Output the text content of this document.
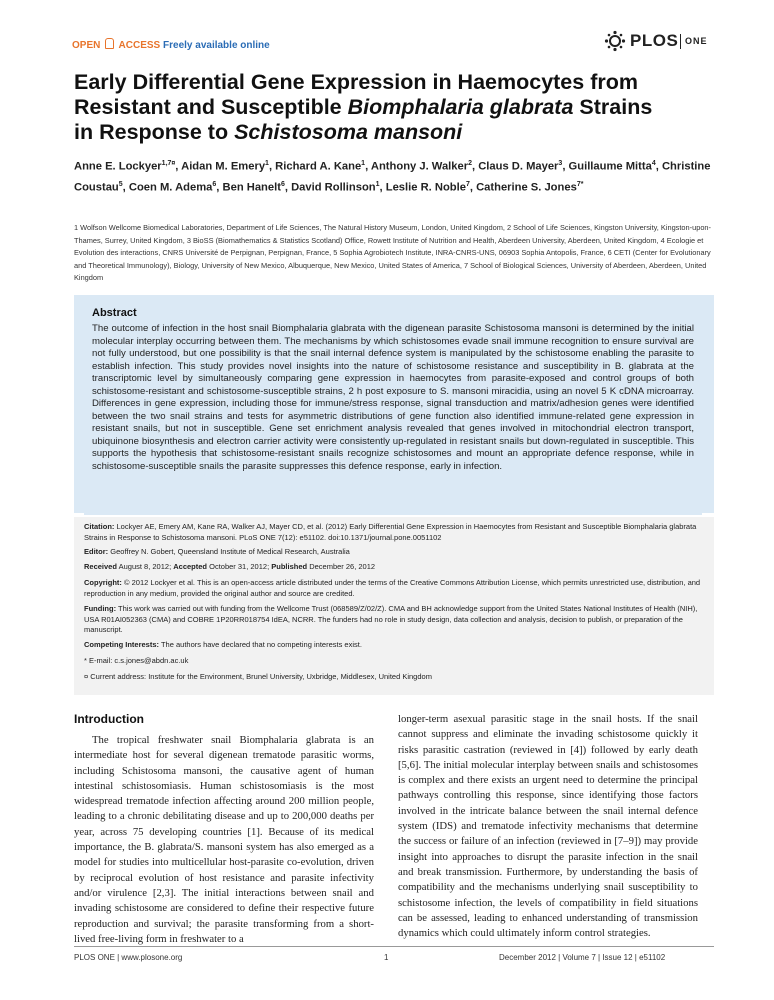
OPEN ACCESS Freely available online	PLOS ONE
Early Differential Gene Expression in Haemocytes from
Resistant and Susceptible Biomphalaria glabrata Strains
in Response to Schistosoma mansoni
Anne E. Lockyer$^{1,7¤}$, Aidan M. Emery$^1$, Richard A. Kane$^1$, Anthony J. Walker$^2$, Claus D. Mayer$^3$, Guillaume Mitta$^4$, Christine Coustau$^5$, Coen M. Adema$^6$, Ben Hanelt$^6$, David Rollinson$^1$, Leslie R. Noble$^7$, Catherine S. Jones$^{7*}$
1 Wolfson Wellcome Biomedical Laboratories, Department of Life Sciences, The Natural History Museum, London, United Kingdom, 2 School of Life Sciences, Kingston University, Kingston-upon-Thames, Surrey, United Kingdom, 3 BioSS (Biomathematics & Statistics Scotland) Office, Rowett Institute of Nutrition and Health, Aberdeen University, Aberdeen, United Kingdom, 4 Ecologie et Evolution des interactions, CNRS Université de Perpignan, Perpignan, France, 5 Sophia Agrobiotech Institute, INRA-CNRS-UNS, 06903 Sophia Antopolis, France, 6 CETI (Center for Evolutionary and Theoretical Immunology), Biology, University of New Mexico, Albuquerque, New Mexico, United States of America, 7 School of Biological Sciences, University of Aberdeen, Aberdeen, United Kingdom
Abstract

The outcome of infection in the host snail Biomphalaria glabrata with the digenean parasite Schistosoma mansoni is determined by the initial molecular interplay occurring between them. The mechanisms by which schistosomes evade snail immune recognition to ensure survival are not fully understood, but one possibility is that the snail internal defence system is manipulated by the schistosome enabling the parasite to establish infection. This study provides novel insights into the nature of schistosome resistance and susceptibility in B. glabrata at the transcriptomic level by simultaneously comparing gene expression in haemocytes from parasite-exposed and control groups of both schistosome-resistant and schistosome-susceptible strains, 2 h post exposure to S. mansoni miracidia, using an novel 5 K cDNA microarray. Differences in gene expression, including those for immune/stress response, signal transduction and matrix/adhesion genes were identified between the two snail strains and tests for asymmetric distributions of gene function also identified immune-related gene expression in resistant snails, but not in susceptible. Gene set enrichment analysis revealed that genes involved in mitochondrial electron transport, ubiquinone biosynthesis and electron carrier activity were consistently up-regulated in resistant snails but down-regulated in susceptible. This supports the hypothesis that schistosome-resistant snails recognize schistosomes and mount an appropriate defence response, while in schistosome-susceptible snails the parasite suppresses this defence response, early in infection.

Citation: Lockyer AE, Emery AM, Kane RA, Walker AJ, Mayer CD, et al. (2012) Early Differential Gene Expression in Haemocytes from Resistant and Susceptible Biomphalaria glabrata Strains in Response to Schistosoma mansoni. PLoS ONE 7(12): e51102. doi:10.1371/journal.pone.0051102
Editor: Geoffrey N. Gobert, Queensland Institute of Medical Research, Australia
Received August 8, 2012; Accepted October 31, 2012; Published December 26, 2012
Copyright: © 2012 Lockyer et al. This is an open-access article distributed under the terms of the Creative Commons Attribution License, which permits unrestricted use, distribution, and reproduction in any medium, provided the original author and source are credited.
Funding: This work was carried out with funding from the Wellcome Trust (068589/Z/02/Z). CMA and BH acknowledge support from the United States National Institutes of Health (NIH), USA R01AI052363 (CMA) and COBRE 1P20RR018754 IdEA, NCRR. The funders had no role in study design, data collection and analysis, decision to publish, or preparation of the manuscript.
Competing Interests: The authors have declared that no competing interests exist.
* E-mail: c.s.jones@abdn.ac.uk
¤ Current address: Institute for the Environment, Brunel University, Uxbridge, Middlesex, United Kingdom
Introduction

The tropical freshwater snail Biomphalaria glabrata is an intermediate host for several digenean trematode parasitic worms, including Schistosoma mansoni, the causative agent of human intestinal schistosomiasis. Human schistosomiasis is the most widespread trematode infection affecting around 200 million people, leading to a chronic debilitating disease and up to 200,000 deaths per year, across 75 developing countries [1]. Because of its medical importance, the B. glabrata/S. mansoni system has also emerged as a model for studies into multicellular host-parasite co-evolution, driven by reciprocal evolution of host resistance and parasite infectivity and/or virulence [2,3]. The initial interactions between snail and invading schistosome are considered to define their respective future reproduction and survival; the parasite transforming from a short-lived free-living form in freshwater to a

longer-term asexual parasitic stage in the snail hosts. If the snail cannot suppress and eliminate the invading schistosome quickly it risks parasitic castration (reviewed in [4]) followed by early death [5,6]. The initial molecular interplay between snails and schistosomes is complex and there exists an urgent need to determine the principal pathways controlling this response, since identifying those factors involved in the intricate balance between the snail internal defence system (IDS) and trematode infectivity mechanisms that determine the success or failure of an infection (reviewed in [7–9]) may provide insight into approaches to disrupt the parasite infection in the snail and break transmission. Furthermore, by understanding the basis of compatibility and the mechanisms underlying snail susceptibility to schistosome infection, the levels of compatibility in field situations can be assessed, leading to enhanced understanding of transmission dynamics which could ultimately inform control strategies.

PLOS ONE | www.plosone.org	1	December 2012 | Volume 7 | Issue 12 | e51102
